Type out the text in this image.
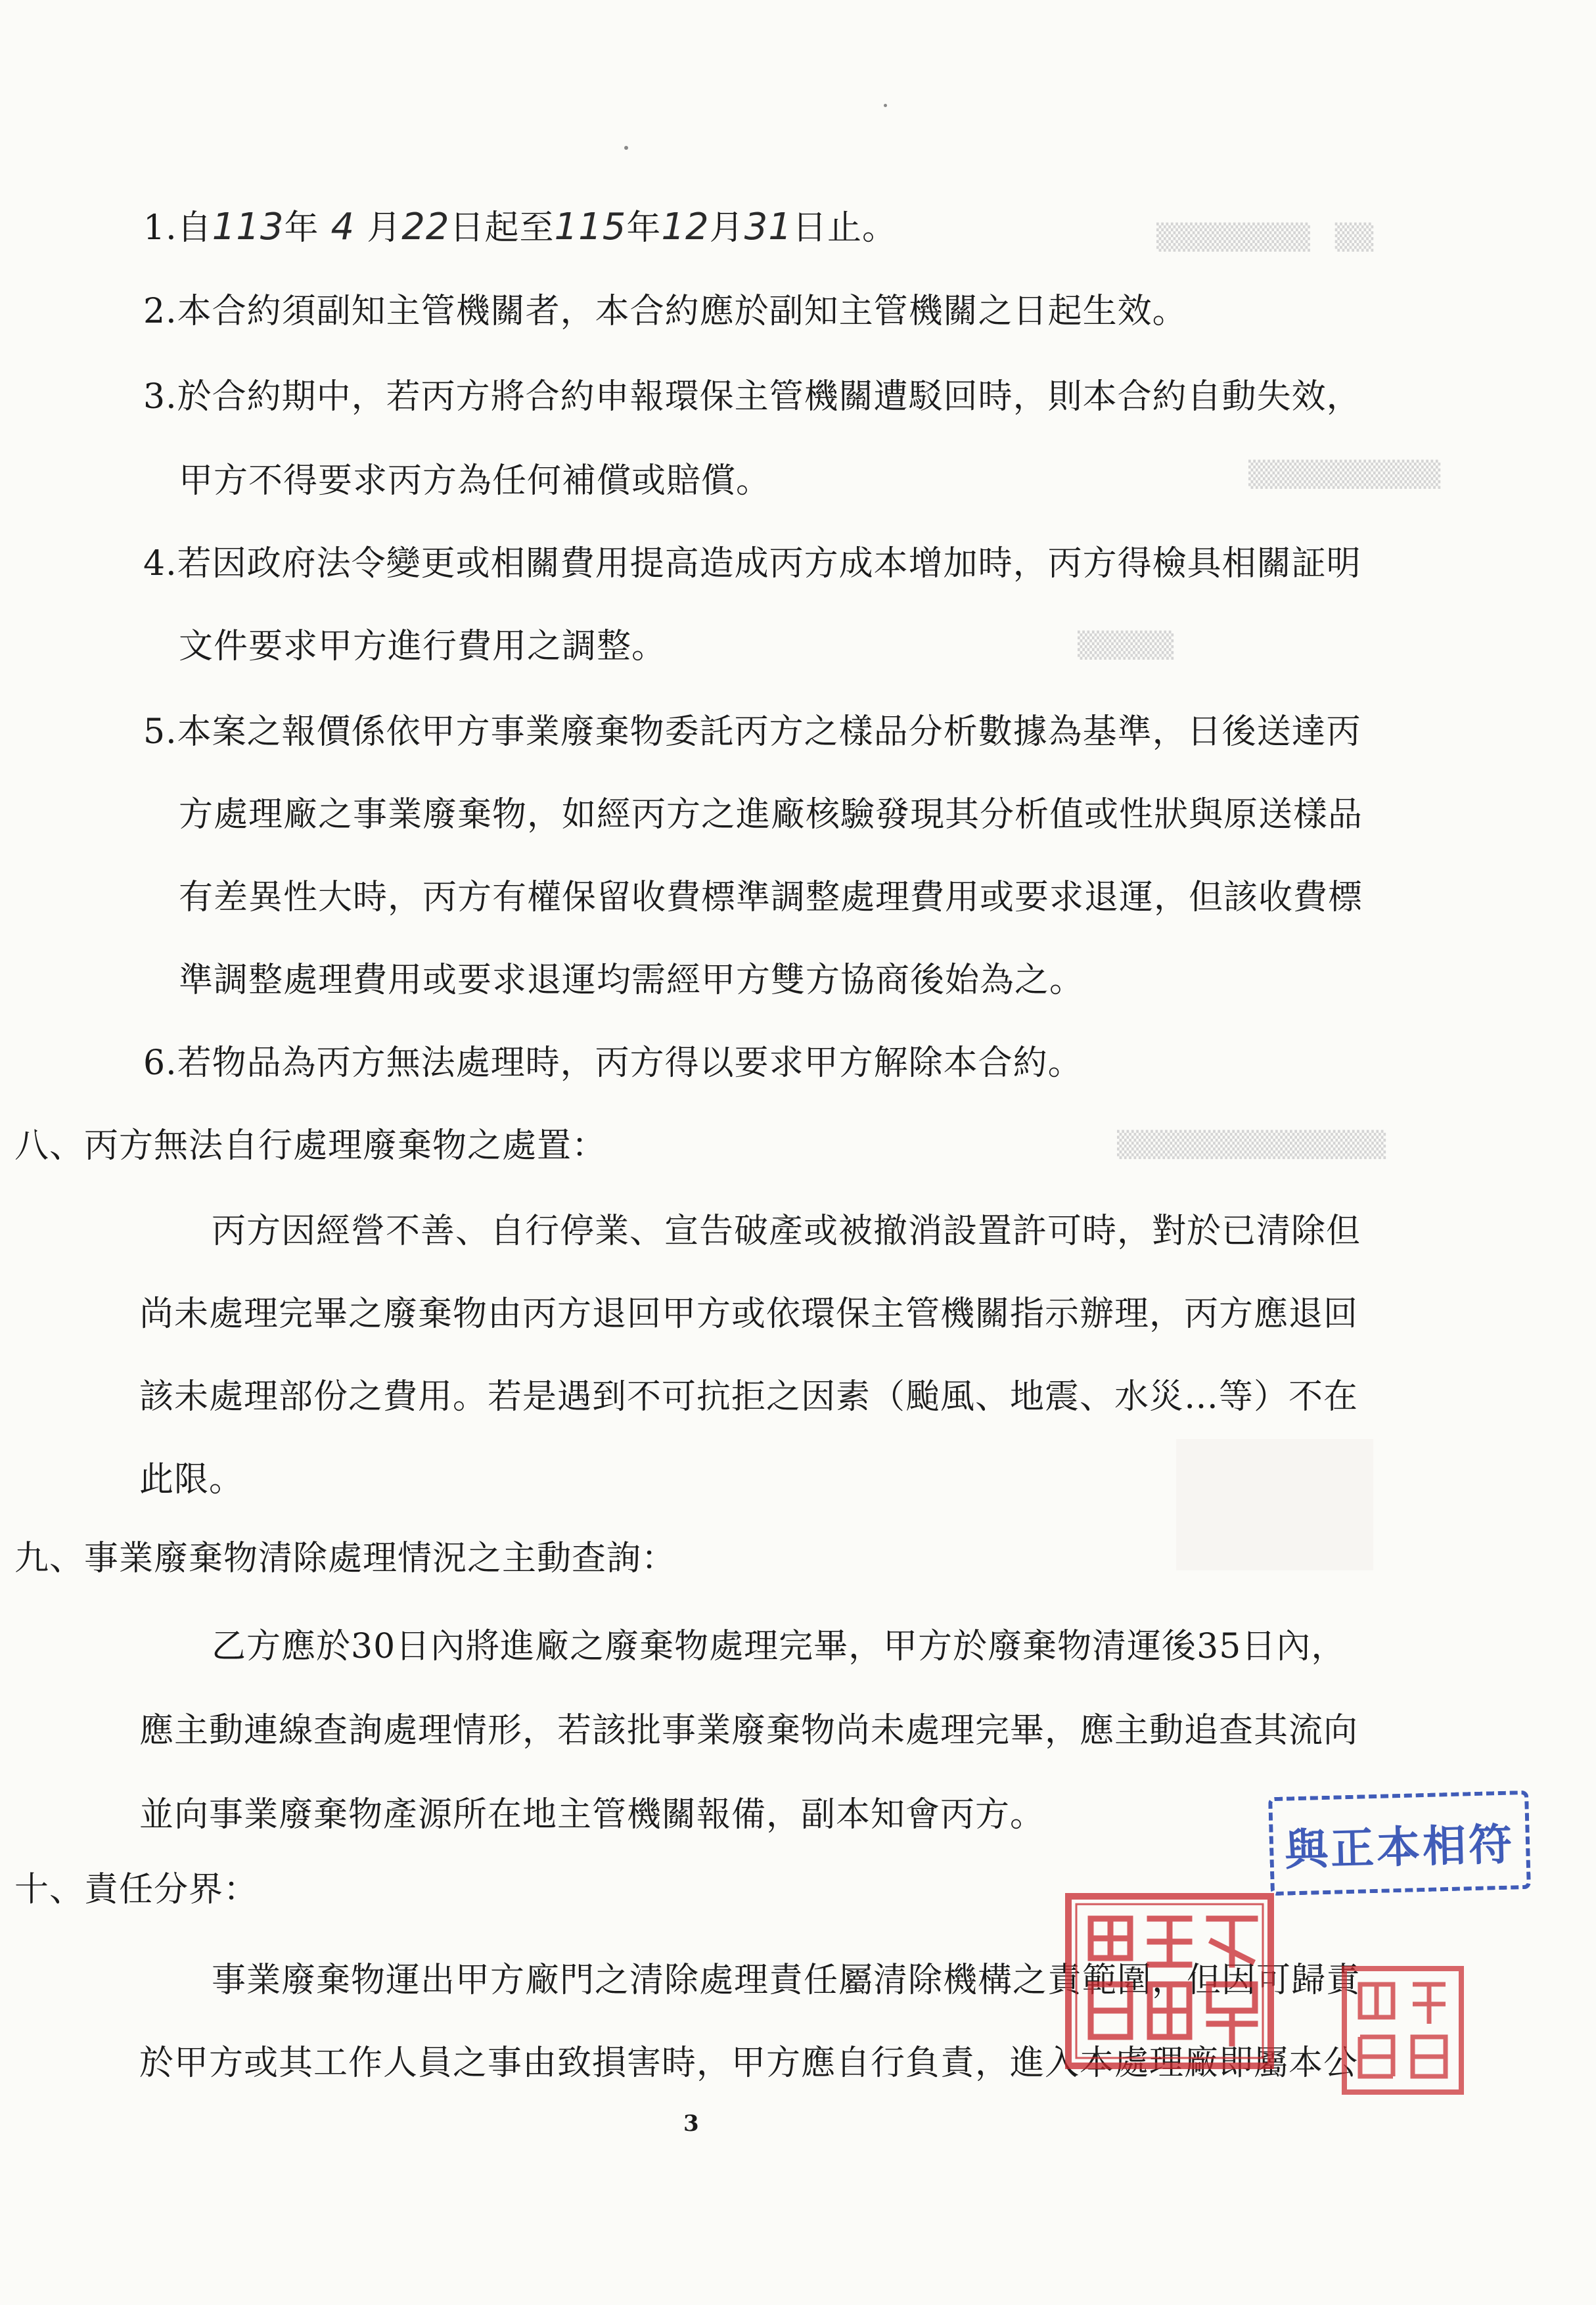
▒▒▒▒▒▒▒▒　▒▒
▒▒▒▒▒▒▒▒▒▒
▒▒▒▒▒
▒▒▒▒▒▒▒▒▒▒▒▒▒▒
1.自113年 4 月22日起至115年12月31日止。
2.本合約須副知主管機關者，本合約應於副知主管機關之日起生效。
3.於合約期中，若丙方將合約申報環保主管機關遭駁回時，則本合約自動失效，
甲方不得要求丙方為任何補償或賠償。
4.若因政府法令變更或相關費用提高造成丙方成本增加時，丙方得檢具相關証明
文件要求甲方進行費用之調整。
5.本案之報價係依甲方事業廢棄物委託丙方之樣品分析數據為基準，日後送達丙
方處理廠之事業廢棄物，如經丙方之進廠核驗發現其分析值或性狀與原送樣品
有差異性大時，丙方有權保留收費標準調整處理費用或要求退運，但該收費標
準調整處理費用或要求退運均需經甲方雙方協商後始為之。
6.若物品為丙方無法處理時，丙方得以要求甲方解除本合約。
八、丙方無法自行處理廢棄物之處置：
丙方因經營不善、自行停業、宣告破產或被撤消設置許可時，對於已清除但
尚未處理完畢之廢棄物由丙方退回甲方或依環保主管機關指示辦理，丙方應退回
該未處理部份之費用。若是遇到不可抗拒之因素（颱風、地震、水災…等）不在
此限。
九、事業廢棄物清除處理情況之主動查詢：
乙方應於30日內將進廠之廢棄物處理完畢，甲方於廢棄物清運後35日內，
應主動連線查詢處理情形，若該批事業廢棄物尚未處理完畢，應主動追查其流向
並向事業廢棄物產源所在地主管機關報備，副本知會丙方。
十、責任分界：
事業廢棄物運出甲方廠門之清除處理責任屬清除機構之責範圍，但因可歸責
於甲方或其工作人員之事由致損害時，甲方應自行負責，進入本處理廠即屬本公
3
與正本相符
